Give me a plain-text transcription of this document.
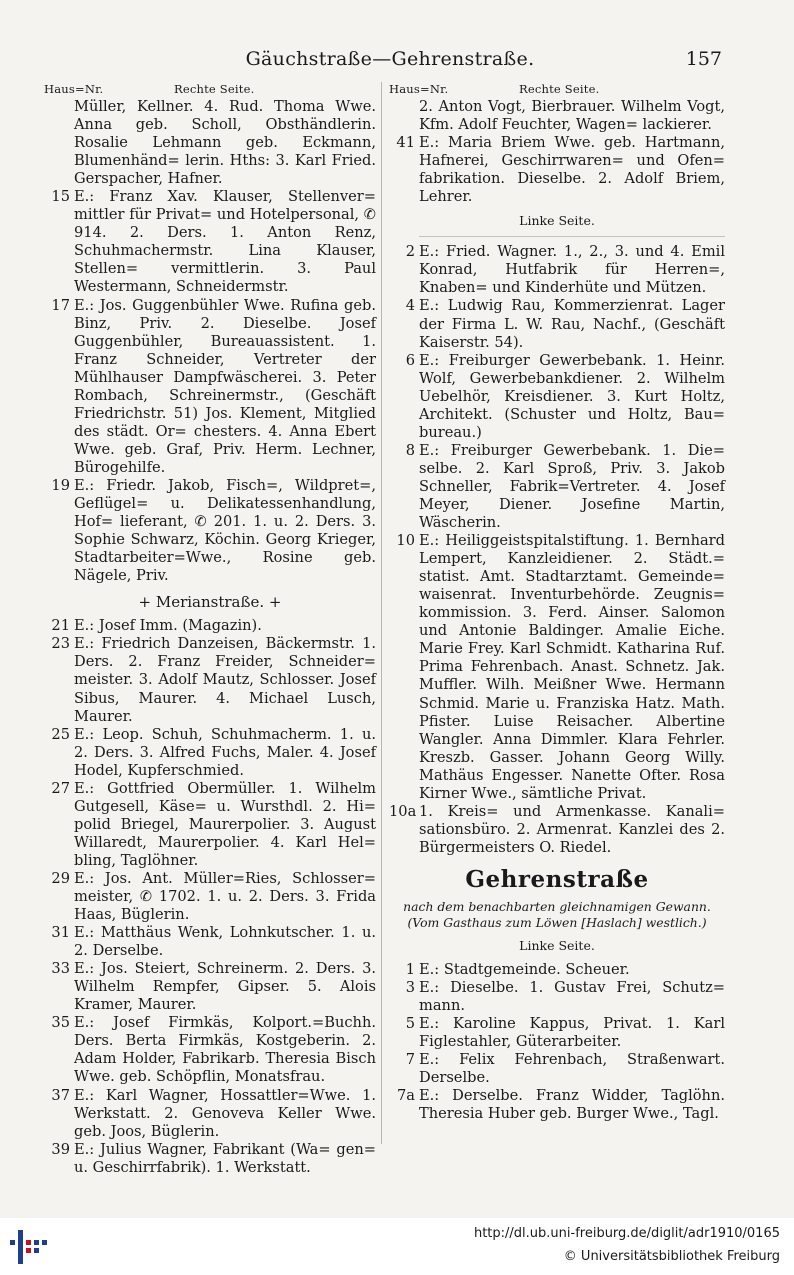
Gäuchstraße—Gehrenstraße.	157
Haus=Nr.	Rechte Seite.
Müller, Kellner. 4. Rud. Thoma Wwe. Anna geb. Scholl, Obsthändlerin. Rosalie Lehmann geb. Eckmann, Blumenhänd= lerin. Hths: 3. Karl Fried. Gerspacher, Hafner.
15 E.: Franz Xav. Klauser, Stellenver= mittler für Privat= und Hotelpersonal, ✆ 914. 2. Ders. 1. Anton Renz, Schuhmachermstr. Lina Klauser, Stellen= vermittlerin. 3. Paul Westermann, Schneidermstr.
17 E.: Jos. Guggenbühler Wwe. Rufina geb. Binz, Priv. 2. Dieselbe. Josef Guggenbühler, Bureauassistent. 1. Franz Schneider, Vertreter der Mühlhauser Dampfwäscherei. 3. Peter Rombach, Schreinermstr., (Geschäft Friedrichstr. 51) Jos. Klement, Mitglied des städt. Or= chesters. 4. Anna Ebert Wwe. geb. Graf, Priv. Herm. Lechner, Bürogehilfe.
19 E.: Friedr. Jakob, Fisch=, Wildpret=, Geflügel= u. Delikatessenhandlung, Hof= lieferant, ✆ 201. 1. u. 2. Ders. 3. Sophie Schwarz, Köchin. Georg Krieger, Stadtarbeiter=Wwe., Rosine geb. Nägele, Priv.
+ Merianstraße. +
21 E.: Josef Imm. (Magazin).
23 E.: Friedrich Danzeisen, Bäckermstr. 1. Ders. 2. Franz Freider, Schneider= meister. 3. Adolf Mautz, Schlosser. Josef Sibus, Maurer. 4. Michael Lusch, Maurer.
25 E.: Leop. Schuh, Schuhmacherm. 1. u. 2. Ders. 3. Alfred Fuchs, Maler. 4. Josef Hodel, Kupferschmied.
27 E.: Gottfried Obermüller. 1. Wilhelm Gutgesell, Käse= u. Wursthdl. 2. Hi= polid Briegel, Maurerpolier. 3. August Willaredt, Maurerpolier. 4. Karl Hel= bling, Taglöhner.
29 E.: Jos. Ant. Müller=Ries, Schlosser= meister, ✆ 1702. 1. u. 2. Ders. 3. Frida Haas, Büglerin.
31 E.: Matthäus Wenk, Lohnkutscher. 1. u. 2. Derselbe.
33 E.: Jos. Steiert, Schreinerm. 2. Ders. 3. Wilhelm Rempfer, Gipser. 5. Alois Kramer, Maurer.
35 E.: Josef Firmkäs, Kolport.=Buchh. Ders. Berta Firmkäs, Kostgeberin. 2. Adam Holder, Fabrikarb. Theresia Bisch Wwe. geb. Schöpflin, Monatsfrau.
37 E.: Karl Wagner, Hossattler=Wwe. 1. Werkstatt. 2. Genoveva Keller Wwe. geb. Joos, Büglerin.
39 E.: Julius Wagner, Fabrikant (Wa= gen= u. Geschirrfabrik). 1. Werkstatt.
Haus=Nr.	Rechte Seite.
2. Anton Vogt, Bierbrauer. Wilhelm Vogt, Kfm. Adolf Feuchter, Wagen= lackierer.
41 E.: Maria Briem Wwe. geb. Hartmann, Hafnerei, Geschirrwaren= und Ofen= fabrikation. Dieselbe. 2. Adolf Briem, Lehrer.
Linke Seite.
2 E.: Fried. Wagner. 1., 2., 3. und 4. Emil Konrad, Hutfabrik für Herren=, Knaben= und Kinderhüte und Mützen.
4 E.: Ludwig Rau, Kommerzienrat. Lager der Firma L. W. Rau, Nachf., (Geschäft Kaiserstr. 54).
6 E.: Freiburger Gewerbebank. 1. Heinr. Wolf, Gewerbebankdiener. 2. Wilhelm Uebelhör, Kreisdiener. 3. Kurt Holtz, Architekt. (Schuster und Holtz, Bau= bureau.)
8 E.: Freiburger Gewerbebank. 1. Die= selbe. 2. Karl Sproß, Priv. 3. Jakob Schneller, Fabrik=Vertreter. 4. Josef Meyer, Diener. Josefine Martin, Wäscherin.
10 E.: Heiliggeistspitalstiftung. 1. Bernhard Lempert, Kanzleidiener. 2. Städt.= statist. Amt. Stadtarztamt. Gemeinde= waisenrat. Inventurbehörde. Zeugnis= kommission. 3. Ferd. Ainser. Salomon und Antonie Baldinger. Amalie Eiche. Marie Frey. Karl Schmidt. Katharina Ruf. Prima Fehrenbach. Anast. Schnetz. Jak. Muffler. Wilh. Meißner Wwe. Hermann Schmid. Marie u. Franziska Hatz. Math. Pfister. Luise Reisacher. Albertine Wangler. Anna Dimmler. Klara Fehrler. Kreszb. Gasser. Johann Georg Willy. Mathäus Engesser. Nanette Ofter. Rosa Kirner Wwe., sämtliche Privat.
10a 1. Kreis= und Armenkasse. Kanali= sationsbüro. 2. Armenrat. Kanzlei des 2. Bürgermeisters O. Riedel.
Gehrenstraße
nach dem benachbarten gleichnamigen Gewann.
(Vom Gasthaus zum Löwen [Haslach] westlich.)
Linke Seite.
1 E.: Stadtgemeinde. Scheuer.
3 E.: Dieselbe. 1. Gustav Frei, Schutz= mann.
5 E.: Karoline Kappus, Privat. 1. Karl Figlestahler, Güterarbeiter.
7 E.: Felix Fehrenbach, Straßenwart. Derselbe.
7a E.: Derselbe. Franz Widder, Taglöhn. Theresia Huber geb. Burger Wwe., Tagl.
http://dl.ub.uni-freiburg.de/diglit/adr1910/0165
© Universitätsbibliothek Freiburg
